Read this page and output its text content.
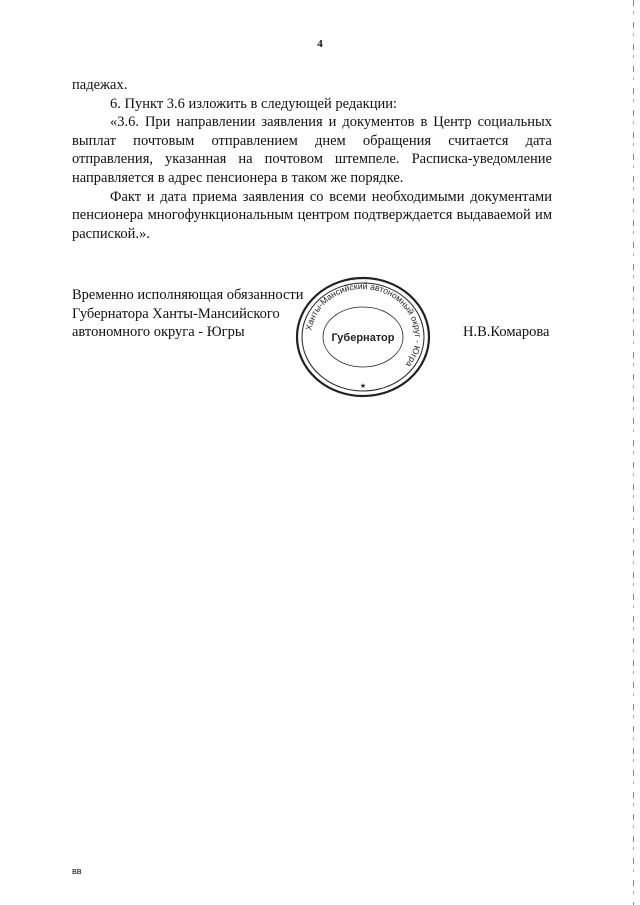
4

падежах.

6. Пункт 3.6 изложить в следующей редакции:

«3.6. При направлении заявления и документов в Центр социальных выплат почтовым отправлением днем обращения считается дата отправления, указанная на почтовом штемпеле. Расписка-уведомление направляется в адрес пенсионера в таком же порядке.

Факт и дата приема заявления со всеми необходимыми документами пенсионера многофункциональным центром подтверждается выдаваемой им распиской.».

Временно исполняющая обязанности
Губернатора Ханты-Мансийского
автономного округа - Югры	Ханты-Мансийский автономный округ - Югра
Губернатор
★
Н.В.Комарова
вв
